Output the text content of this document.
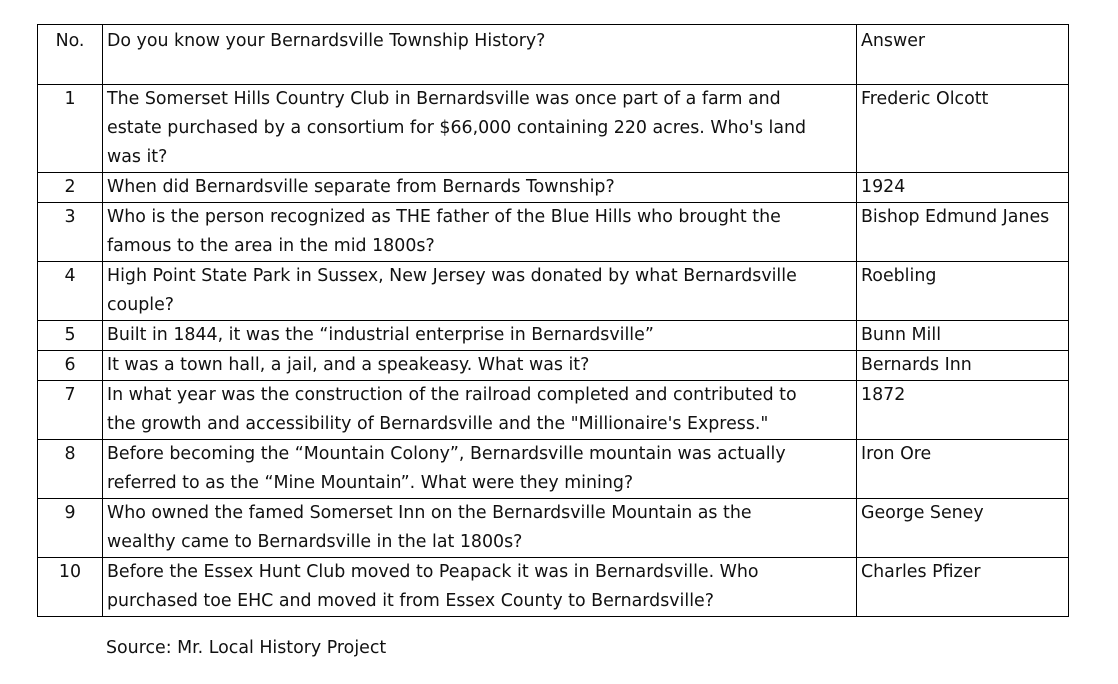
No.	Do you know your Bernardsville Township History?	Answer
1	The Somerset Hills Country Club in Bernardsville was once part of a farm and
estate purchased by a consortium for $66,000 containing 220 acres. Who's land
was it?	Frederic Olcott
2	When did Bernardsville separate from Bernards Township?	1924
3	Who is the person recognized as THE father of the Blue Hills who brought the
famous to the area in the mid 1800s?	Bishop Edmund Janes
4	High Point State Park in Sussex, New Jersey was donated by what Bernardsville
couple?	Roebling
5	Built in 1844, it was the “industrial enterprise in Bernardsville”	Bunn Mill
6	It was a town hall, a jail, and a speakeasy. What was it?	Bernards Inn
7	In what year was the construction of the railroad completed and contributed to
the growth and accessibility of Bernardsville and the "Millionaire's Express."	1872
8	Before becoming the “Mountain Colony”, Bernardsville mountain was actually
referred to as the “Mine Mountain”. What were they mining?	Iron Ore
9	Who owned the famed Somerset Inn on the Bernardsville Mountain as the
wealthy came to Bernardsville in the lat 1800s?	George Seney
10	Before the Essex Hunt Club moved to Peapack it was in Bernardsville. Who
purchased toe EHC and moved it from Essex County to Bernardsville?	Charles Pfizer
Source: Mr. Local History Project
